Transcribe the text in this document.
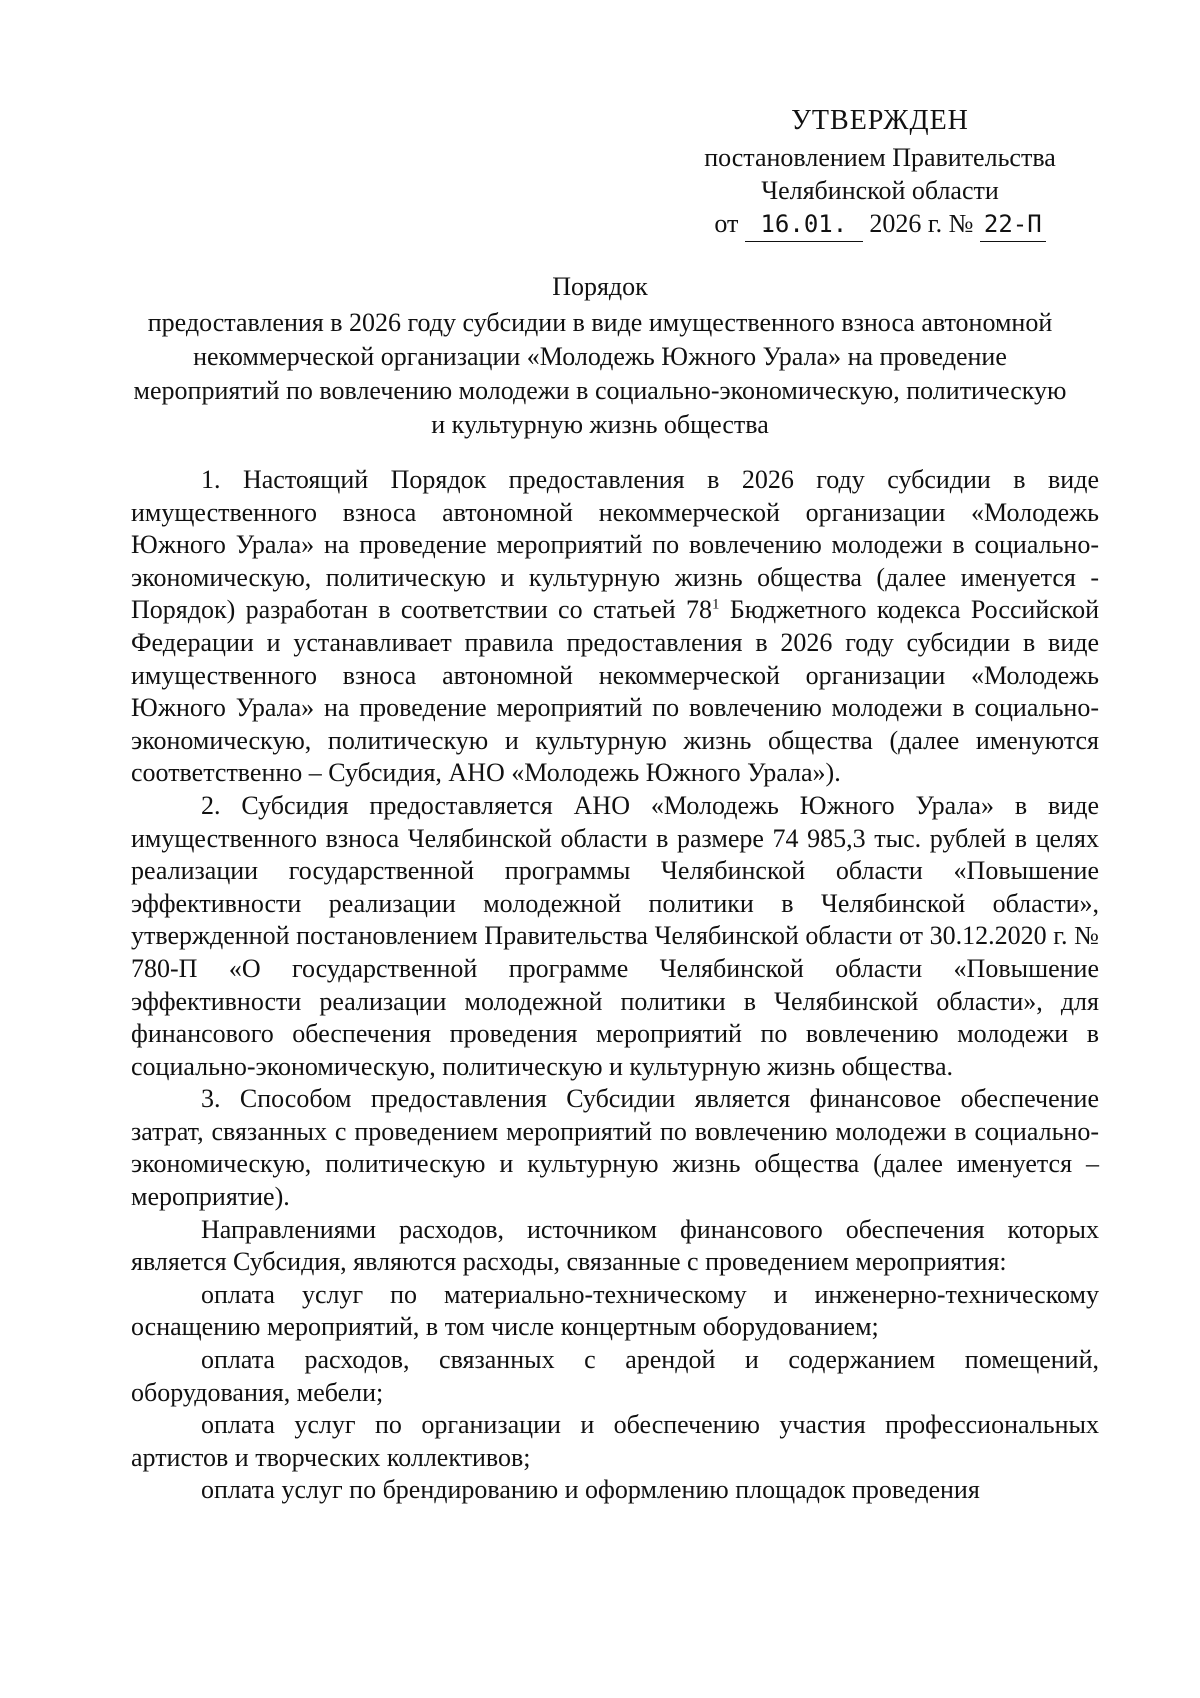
УТВЕРЖДЕН
постановлением Правительства
Челябинской области
от 16.01. 2026 г. № 22-П
Порядок
предоставления в 2026 году субсидии в виде имущественного взноса автономной некоммерческой организации «Молодежь Южного Урала» на проведение мероприятий по вовлечению молодежи в социально-экономическую, политическую и культурную жизнь общества

1. Настоящий Порядок предоставления в 2026 году субсидии в виде имущественного взноса автономной некоммерческой организации «Молодежь Южного Урала» на проведение мероприятий по вовлечению молодежи в социально-экономическую, политическую и культурную жизнь общества (далее именуется - Порядок) разработан в соответствии со статьей $78^1$ Бюджетного кодекса Российской Федерации и устанавливает правила предоставления в 2026 году субсидии в виде имущественного взноса автономной некоммерческой организации «Молодежь Южного Урала» на проведение мероприятий по вовлечению молодежи в социально-экономическую, политическую и культурную жизнь общества (далее именуются соответственно – Субсидия, АНО «Молодежь Южного Урала»).

2. Субсидия предоставляется АНО «Молодежь Южного Урала» в виде имущественного взноса Челябинской области в размере 74 985,3 тыс. рублей в целях реализации государственной программы Челябинской области «Повышение эффективности реализации молодежной политики в Челябинской области», утвержденной постановлением Правительства Челябинской области от 30.12.2020 г. № 780-П «О государственной программе Челябинской области «Повышение эффективности реализации молодежной политики в Челябинской области», для финансового обеспечения проведения мероприятий по вовлечению молодежи в социально-экономическую, политическую и культурную жизнь общества.

3. Способом предоставления Субсидии является финансовое обеспечение затрат, связанных с проведением мероприятий по вовлечению молодежи в социально-экономическую, политическую и культурную жизнь общества (далее именуется – мероприятие).

Направлениями расходов, источником финансового обеспечения которых является Субсидия, являются расходы, связанные с проведением мероприятия:

оплата услуг по материально-техническому и инженерно-техническому оснащению мероприятий, в том числе концертным оборудованием;

оплата расходов, связанных с арендой и содержанием помещений, оборудования, мебели;

оплата услуг по организации и обеспечению участия профессиональных артистов и творческих коллективов;

оплата услуг по брендированию и оформлению площадок проведения
